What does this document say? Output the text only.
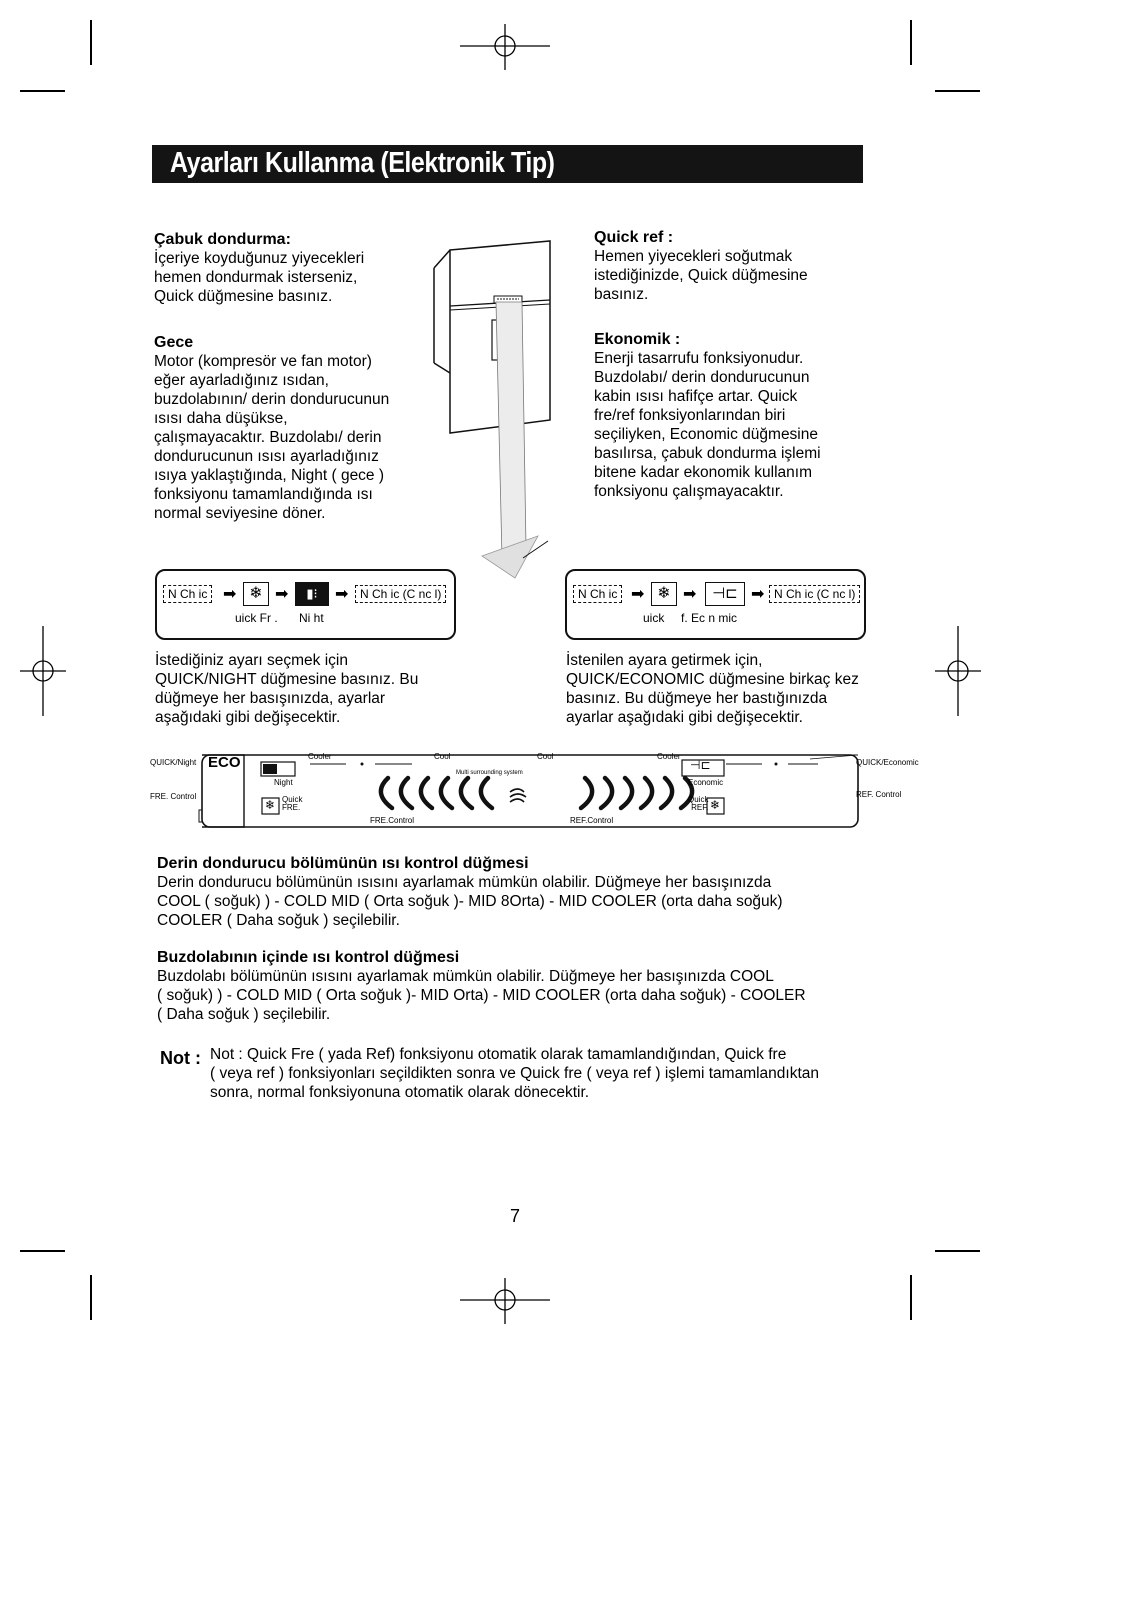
Ayarları Kullanma (Elektronik Tip)

Çabuk dondurma:

İçeriye koyduğunuz yiyecekleri
hemen dondurmak isterseniz,
Quick düğmesine basınız.

Gece

Motor (kompresör ve fan motor)
eğer ayarladığınız ısıdan,
buzdolabının/ derin dondurucunun
ısısı daha düşükse,
çalışmayacaktır. Buzdolabı/ derin
dondurucunun ısısı ayarladığınız
ısıya yaklaştığında, Night ( gece )
fonksiyonu tamamlandığında ısı
normal seviyesine döner.

Quick ref :

Hemen yiyecekleri soğutmak
istediğinizde, Quick düğmesine
basınız.

Ekonomik :

Enerji tasarrufu fonksiyonudur.
Buzdolabı/ derin dondurucunun
kabin ısısı hafifçe artar. Quick
fre/ref fonksiyonlarından biri
seçiliyken, Economic düğmesine
basılırsa, çabuk dondurma işlemi
bitene kadar ekonomik kullanım
fonksiyonu çalışmayacaktır.

N Ch ic ➡ ❄ ➡	▮⁝	➡ N Ch ic (C nc l)
uick Fr . Ni ht
N Ch ic ➡ ❄ ➡	⊣⊏ ➡ N Ch ic (C nc l)
uick f. Ec n mic

İstediğiniz ayarı seçmek için
QUICK/NIGHT düğmesine basınız. Bu
düğmeye her basışınızda, ayarlar
aşağıdaki gibi değişecektir.

İstenilen ayara getirmek için,
QUICK/ECONOMIC düğmesine birkaç kez
basınız. Bu düğmeye her bastığınızda
ayarlar aşağıdaki gibi değişecektir.

QUICK/Night
FRE. Control
QUICK/Economic
REF. Control
ECO
Night
❄ Quick
FRE.
Cooler	Cool	Cool	Cooler
Multi surrounding system
⊣⊏
Economic
Quick
REF. ❄
FRE.Control	REF.Control

Derin dondurucu bölümünün ısı kontrol düğmesi

Derin dondurucu bölümünün ısısını ayarlamak mümkün olabilir. Düğmeye her basışınızda
COOL ( soğuk) ) - COLD MID ( Orta soğuk )- MID 8Orta) - MID COOLER (orta daha soğuk)
COOLER ( Daha soğuk ) seçilebilir.

Buzdolabının içinde ısı kontrol düğmesi

Buzdolabı bölümünün ısısını ayarlamak mümkün olabilir. Düğmeye her basışınızda COOL
( soğuk) ) - COLD MID ( Orta soğuk )- MID Orta) - MID COOLER (orta daha soğuk) - COOLER
( Daha soğuk ) seçilebilir.

Not : Not : Quick Fre ( yada Ref) fonksiyonu otomatik olarak tamamlandığından, Quick fre
( veya ref ) fonksiyonları seçildikten sonra ve Quick fre ( veya ref ) işlemi tamamlandıktan
sonra, normal fonksiyonuna otomatik olarak dönecektir.

7
